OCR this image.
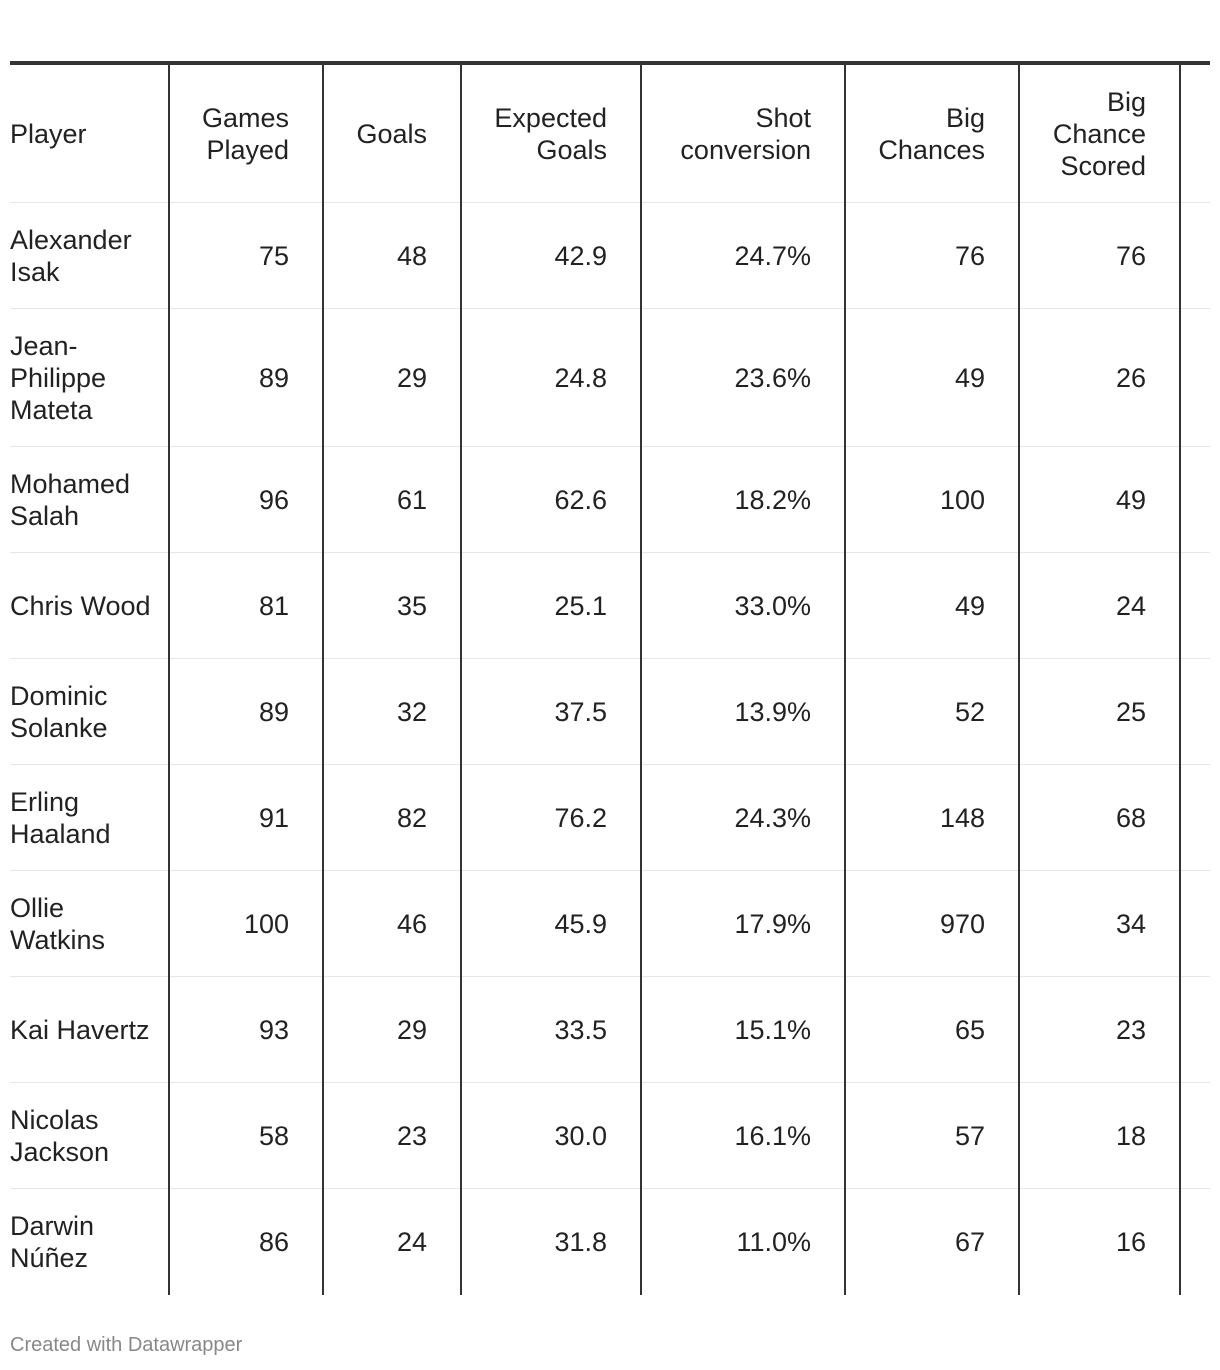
Player	Games Played	Goals	Expected Goals	Shot conversion	Big Chances	Big Chance Scored	
Alexander Isak	75	48	42.9	24.7%	76	76	
Jean-Philippe Mateta	89	29	24.8	23.6%	49	26	
Mohamed Salah	96	61	62.6	18.2%	100	49	
Chris Wood	81	35	25.1	33.0%	49	24	
Dominic Solanke	89	32	37.5	13.9%	52	25	
Erling Haaland	91	82	76.2	24.3%	148	68	
Ollie Watkins	100	46	45.9	17.9%	970	34	
Kai Havertz	93	29	33.5	15.1%	65	23	
Nicolas Jackson	58	23	30.0	16.1%	57	18	
Darwin Núñez	86	24	31.8	11.0%	67	16	
Created with Datawrapper
